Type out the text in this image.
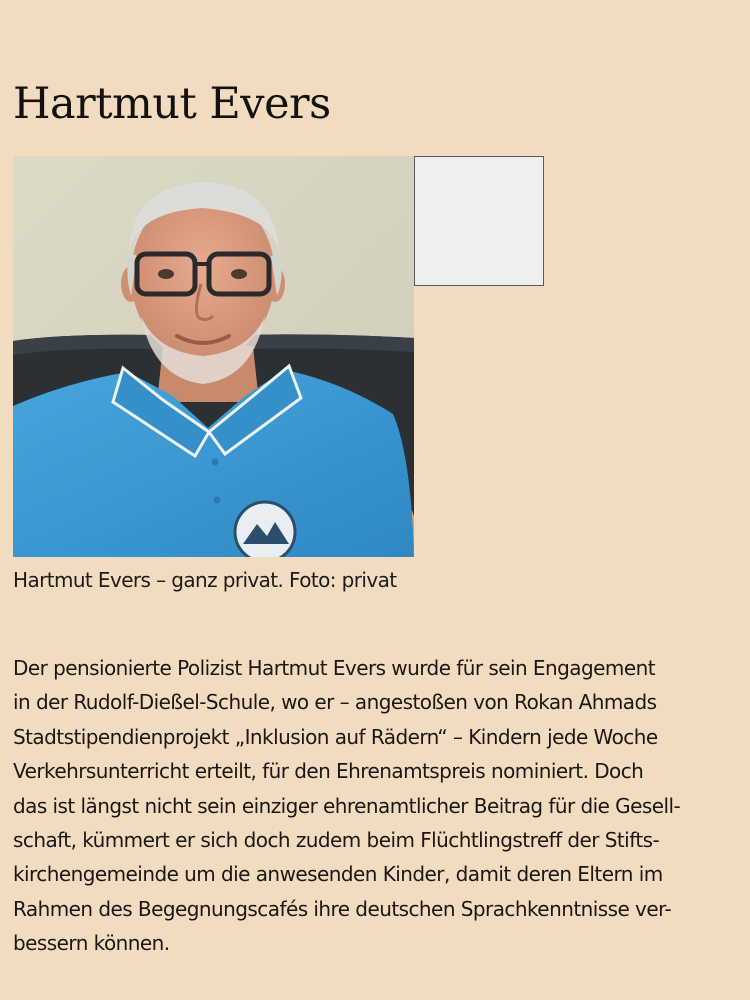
Hartmut Evers

Hartmut Evers – ganz privat. Foto: privat

Der pensionierte Polizist Hartmut Evers wurde für sein Engagement
in der Rudolf-Dießel-Schule, wo er – angestoßen von Rokan Ahmads
Stadtstipendienprojekt „Inklusion auf Rädern“ – Kindern jede Woche
Verkehrsunterricht erteilt, für den Ehrenamtspreis nominiert. Doch
das ist längst nicht sein einziger ehrenamtlicher Beitrag für die Gesell-
schaft, kümmert er sich doch zudem beim Flüchtlingstreff der Stifts-
kirchengemeinde um die anwesenden Kinder, damit deren Eltern im
Rahmen des Begegnungscafés ihre deutschen Sprachkenntnisse ver-
bessern können.
